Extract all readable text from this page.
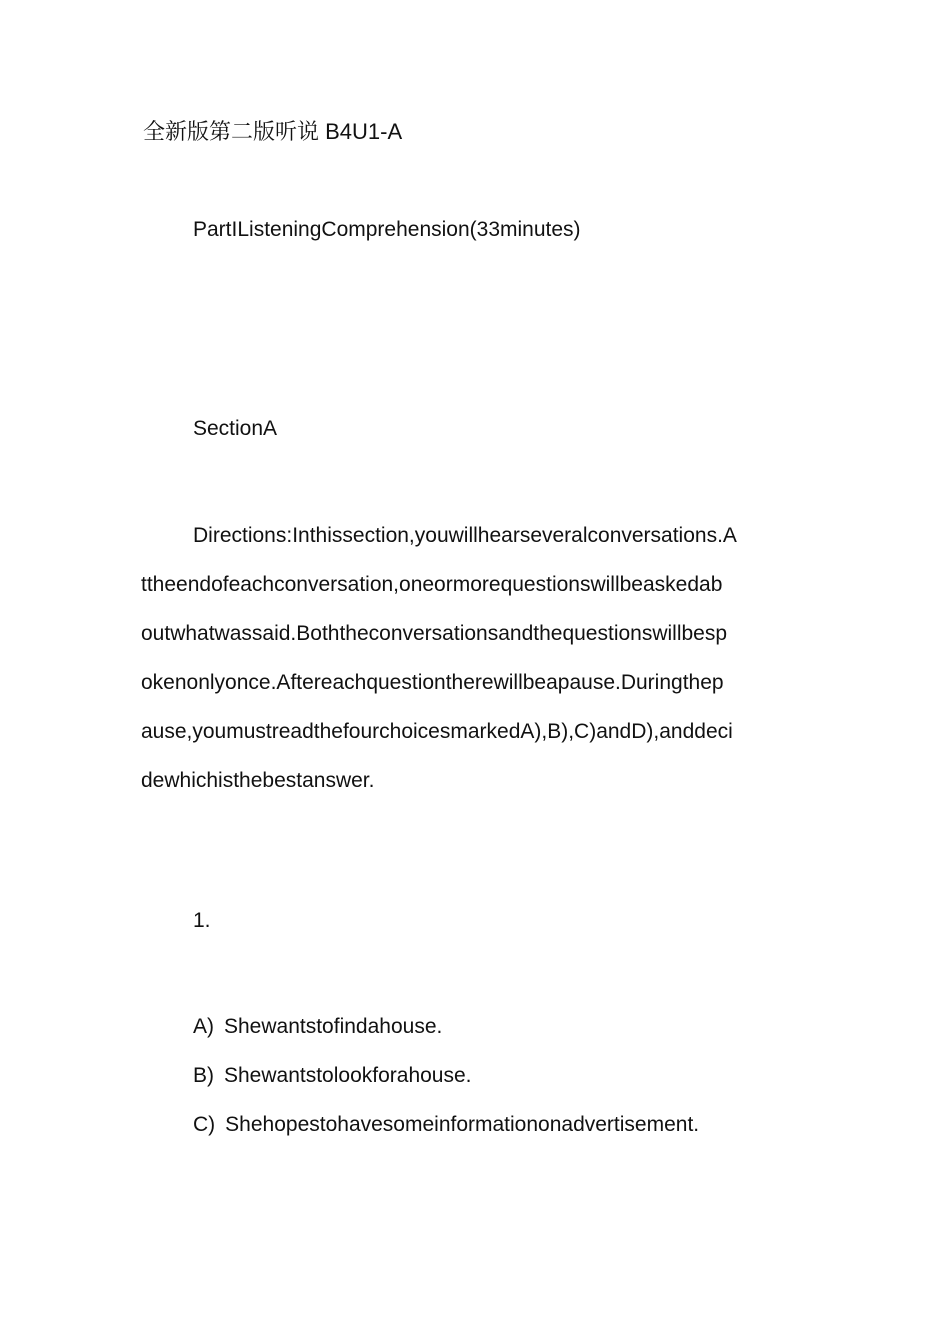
全新版第二版听说 B4U1-A
PartIListeningComprehension(33minutes)
SectionA
Directions:Inthissection,youwillhearseveralconversations.A
ttheendofeachconversation,oneormorequestionswillbeaskedab
outwhatwassaid.Boththeconversationsandthequestionswillbesp
okenonlyonce.Aftereachquestiontherewillbeapause.Duringthep
ause,youmustreadthefourchoicesmarkedA),B),C)andD),anddeci
dewhichisthebestanswer.
1.
A) Shewantstofindahouse.
B) Shewantstolookforahouse.
C) Shehopestohavesomeinformationonadvertisement.
